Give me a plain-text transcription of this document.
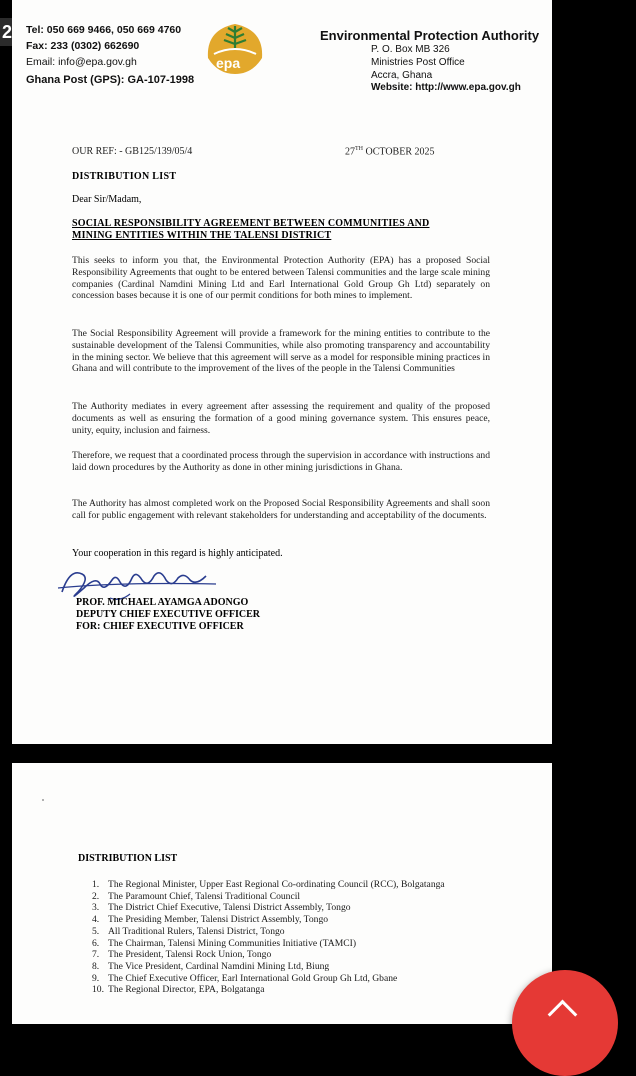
2 Tel: 050 669 9466, 050 669 4760
Fax: 233 (0302) 662690
Email: info@epa.gov.gh
Ghana Post (GPS): GA-107-1998
epa
Environmental Protection Authority
P. O. Box MB 326
Ministries Post Office
Accra, Ghana
Website: http://www.epa.gov.gh
OUR REF: - GB125/139/05/4	27TH OCTOBER 2025
DISTRIBUTION LIST
Dear Sir/Madam,
SOCIAL RESPONSIBILITY AGREEMENT BETWEEN COMMUNITIES AND
MINING ENTITIES WITHIN THE TALENSI DISTRICT
This seeks to inform you that, the Environmental Protection Authority (EPA) has a proposed Social Responsibility Agreements that ought to be entered between Talensi communities and the large scale mining companies (Cardinal Namdini Mining Ltd and Earl International Gold Group Gh Ltd) separately on concession bases because it is one of our permit conditions for both mines to implement.
The Social Responsibility Agreement will provide a framework for the mining entities to contribute to the sustainable development of the Talensi Communities, while also promoting transparency and accountability in the mining sector. We believe that this agreement will serve as a model for responsible mining practices in Ghana and will contribute to the improvement of the lives of the people in the Talensi Communities
The Authority mediates in every agreement after assessing the requirement and quality of the proposed documents as well as ensuring the formation of a good mining governance system. This ensures peace, unity, equity, inclusion and fairness.
Therefore, we request that a coordinated process through the supervision in accordance with instructions and laid down procedures by the Authority as done in other mining jurisdictions in Ghana.
The Authority has almost completed work on the Proposed Social Responsibility Agreements and shall soon call for public engagement with relevant stakeholders for understanding and acceptability of the documents.
Your cooperation in this regard is highly anticipated.
PROF. MICHAEL AYAMGA ADONGO
DEPUTY CHIEF EXECUTIVE OFFICER
FOR: CHIEF EXECUTIVE OFFICER
DISTRIBUTION LIST
1. The Regional Minister, Upper East Regional Co-ordinating Council (RCC), Bolgatanga
2. The Paramount Chief, Talensi Traditional Council
3. The District Chief Executive, Talensi District Assembly, Tongo
4. The Presiding Member, Talensi District Assembly, Tongo
5. All Traditional Rulers, Talensi District, Tongo
6. The Chairman, Talensi Mining Communities Initiative (TAMCI)
7. The President, Talensi Rock Union, Tongo
8. The Vice President, Cardinal Namdini Mining Ltd, Biung
9. The Chief Executive Officer, Earl International Gold Group Gh Ltd, Gbane
10. The Regional Director, EPA, Bolgatanga
